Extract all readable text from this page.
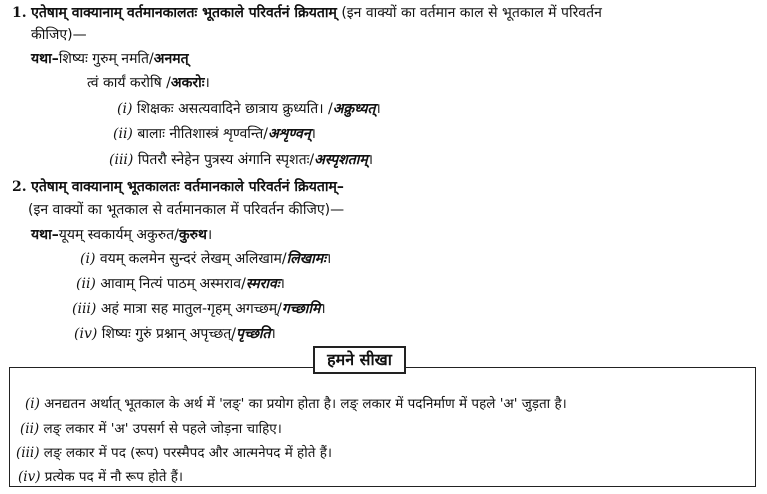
1. एतेषाम् वाक्यानाम् वर्तमानकालतः भूतकाले परिवर्तनं क्रियताम् (इन वाक्यों का वर्तमान काल से भूतकाल में परिवर्तन
कीजिए)—
यथा–शिष्यः गुरुम् नमति/अनमत्
त्वं कार्यं करोषि /अकरोः।
(i) शिक्षकः असत्यवादिने छात्राय क्रुध्यति। /अक्रुध्यत्।
(ii) बालाः नीतिशास्त्रं शृण्वन्ति/अशृण्वन्।
(iii) पितरौ स्नेहेन पुत्रस्य अंगानि स्पृशतः/अस्पृशताम्।
2. एतेषाम् वाक्यानाम् भूतकालतः वर्तमानकाले परिवर्तनं क्रियताम्–
(इन वाक्यों का भूतकाल से वर्तमानकाल में परिवर्तन कीजिए)—
यथा–यूयम् स्वकार्यम् अकुरुत/कुरुथ।
(i) वयम् कलमेन सुन्दरं लेखम् अलिखाम/लिखामः।
(ii) आवाम् नित्यं पाठम् अस्मराव/स्मरावः।
(iii) अहं मात्रा सह मातुल-गृहम् अगच्छम्/गच्छामि।
(iv) शिष्यः गुरुं प्रश्नान् अपृच्छत्/पृच्छति।
हमने सीखा
(i) अनद्यतन अर्थात् भूतकाल के अर्थ में 'लङ्' का प्रयोग होता है। लङ् लकार में पदनिर्माण में पहले 'अ' जुड़ता है।
(ii) लङ् लकार में 'अ' उपसर्ग से पहले जोड़ना चाहिए।
(iii) लङ् लकार में पद (रूप) परस्मैपद और आत्मनेपद में होते हैं।
(iv) प्रत्येक पद में नौ रूप होते हैं।
